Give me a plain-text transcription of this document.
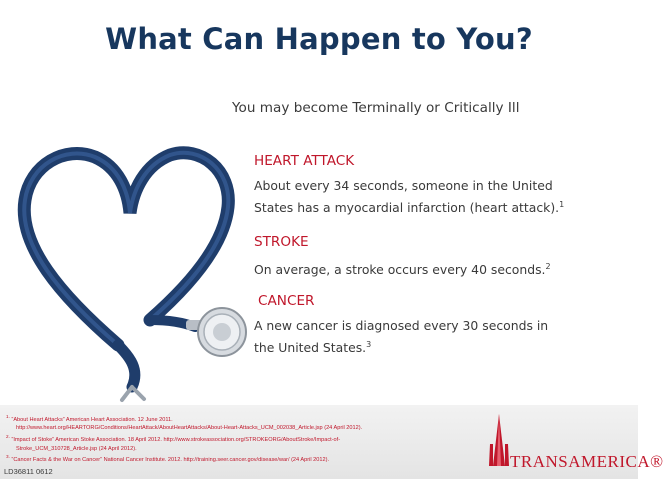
What Can Happen to You?
You may become Terminally or Critically Ill
HEART ATTACK
About every 34 seconds, someone in the United States has a myocardial infarction (heart attack).$^1$
STROKE
On average, a stroke occurs every 40 seconds.$^2$
CANCER
A new cancer is diagnosed every 30 seconds in the United States.$^3$
$^{1.}$ “About Heart Attacks” American Heart Association. 12 June 2011.
http://www.heart.org/HEARTORG/Conditions/HeartAttack/AboutHeartAttacks/About-Heart-Attacks_UCM_002038_Article.jsp (24 April 2012).
$^{2.}$ “Impact of Stoke” American Stoke Association. 18 April 2012. http://www.strokeassociation.org/STROKEORG/AboutStroke/Impact-of-
Stroke_UCM_310728_Article.jsp (24 April 2012).
$^{3.}$ “Cancer Facts & the War on Cancer” National Cancer Institute. 2012. http://training.seer.cancer.gov/disease/war/ (24 April 2012).
LD36811 0612
TRANSAMERICA®
